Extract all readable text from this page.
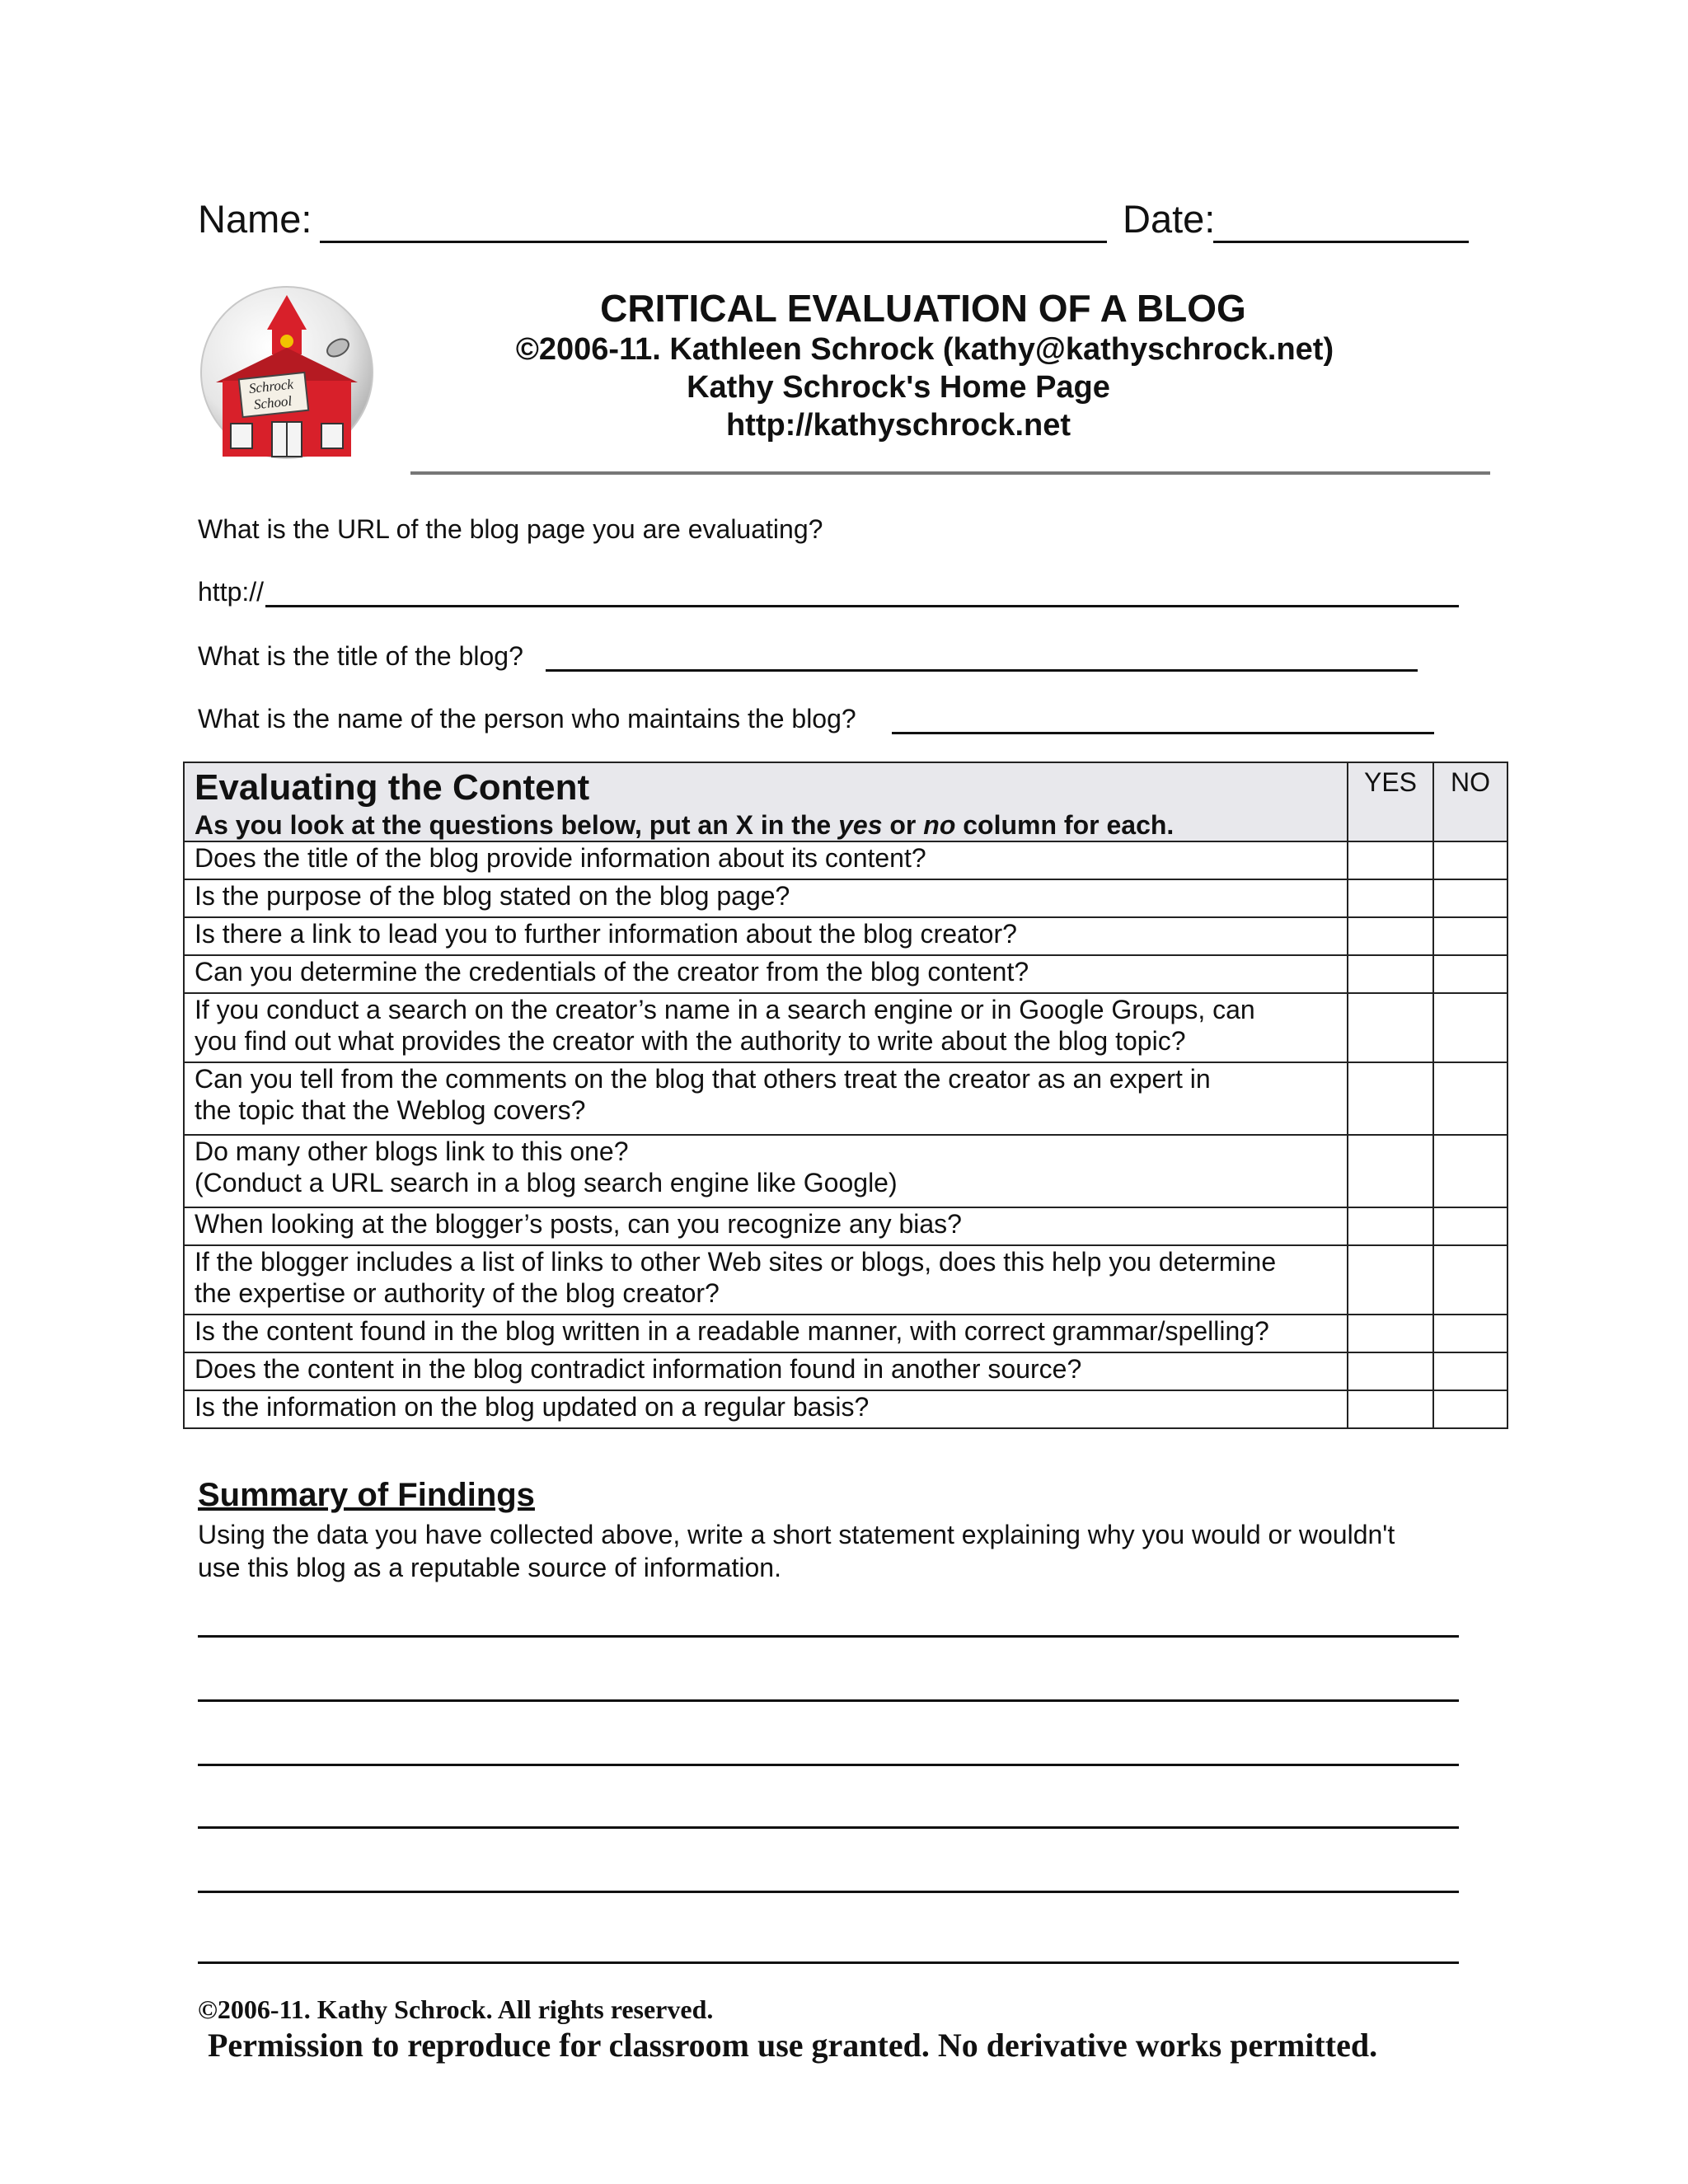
Name:	Date:
Schrock
School
CRITICAL EVALUATION OF A BLOG
©2006-11. Kathleen Schrock (kathy@kathyschrock.net)
Kathy Schrock's Home Page
http://kathyschrock.net
What is the URL of the blog page you are evaluating?
http://
What is the title of the blog?
What is the name of the person who maintains the blog?
Evaluating the Content
As you look at the questions below, put an X in the yes or no column for each.	YES	NO
Does the title of the blog provide information about its content?		
Is the purpose of the blog stated on the blog page?		
Is there a link to lead you to further information about the blog creator?		
Can you determine the credentials of the creator from the blog content?		

If you conduct a search on the creator’s name in a search engine or in Google Groups, can
you find out what provides the creator with the authority to write about the blog topic?		

Can you tell from the comments on the blog that others treat the creator as an expert in
the topic that the Weblog covers?		

Do many other blogs link to this one?
(Conduct a URL search in a blog search engine like Google)		

When looking at the blogger’s posts, can you recognize any bias?		

If the blogger includes a list of links to other Web sites or blogs, does this help you determine
the expertise or authority of the blog creator?		

Is the content found in the blog written in a readable manner, with correct grammar/spelling?		
Does the content in the blog contradict information found in another source?		
Is the information on the blog updated on a regular basis?		
Summary of Findings
Using the data you have collected above, write a short statement explaining why you would or wouldn't
use this blog as a reputable source of information.
©2006-11. Kathy Schrock. All rights reserved.
Permission to reproduce for classroom use granted. No derivative works permitted.
